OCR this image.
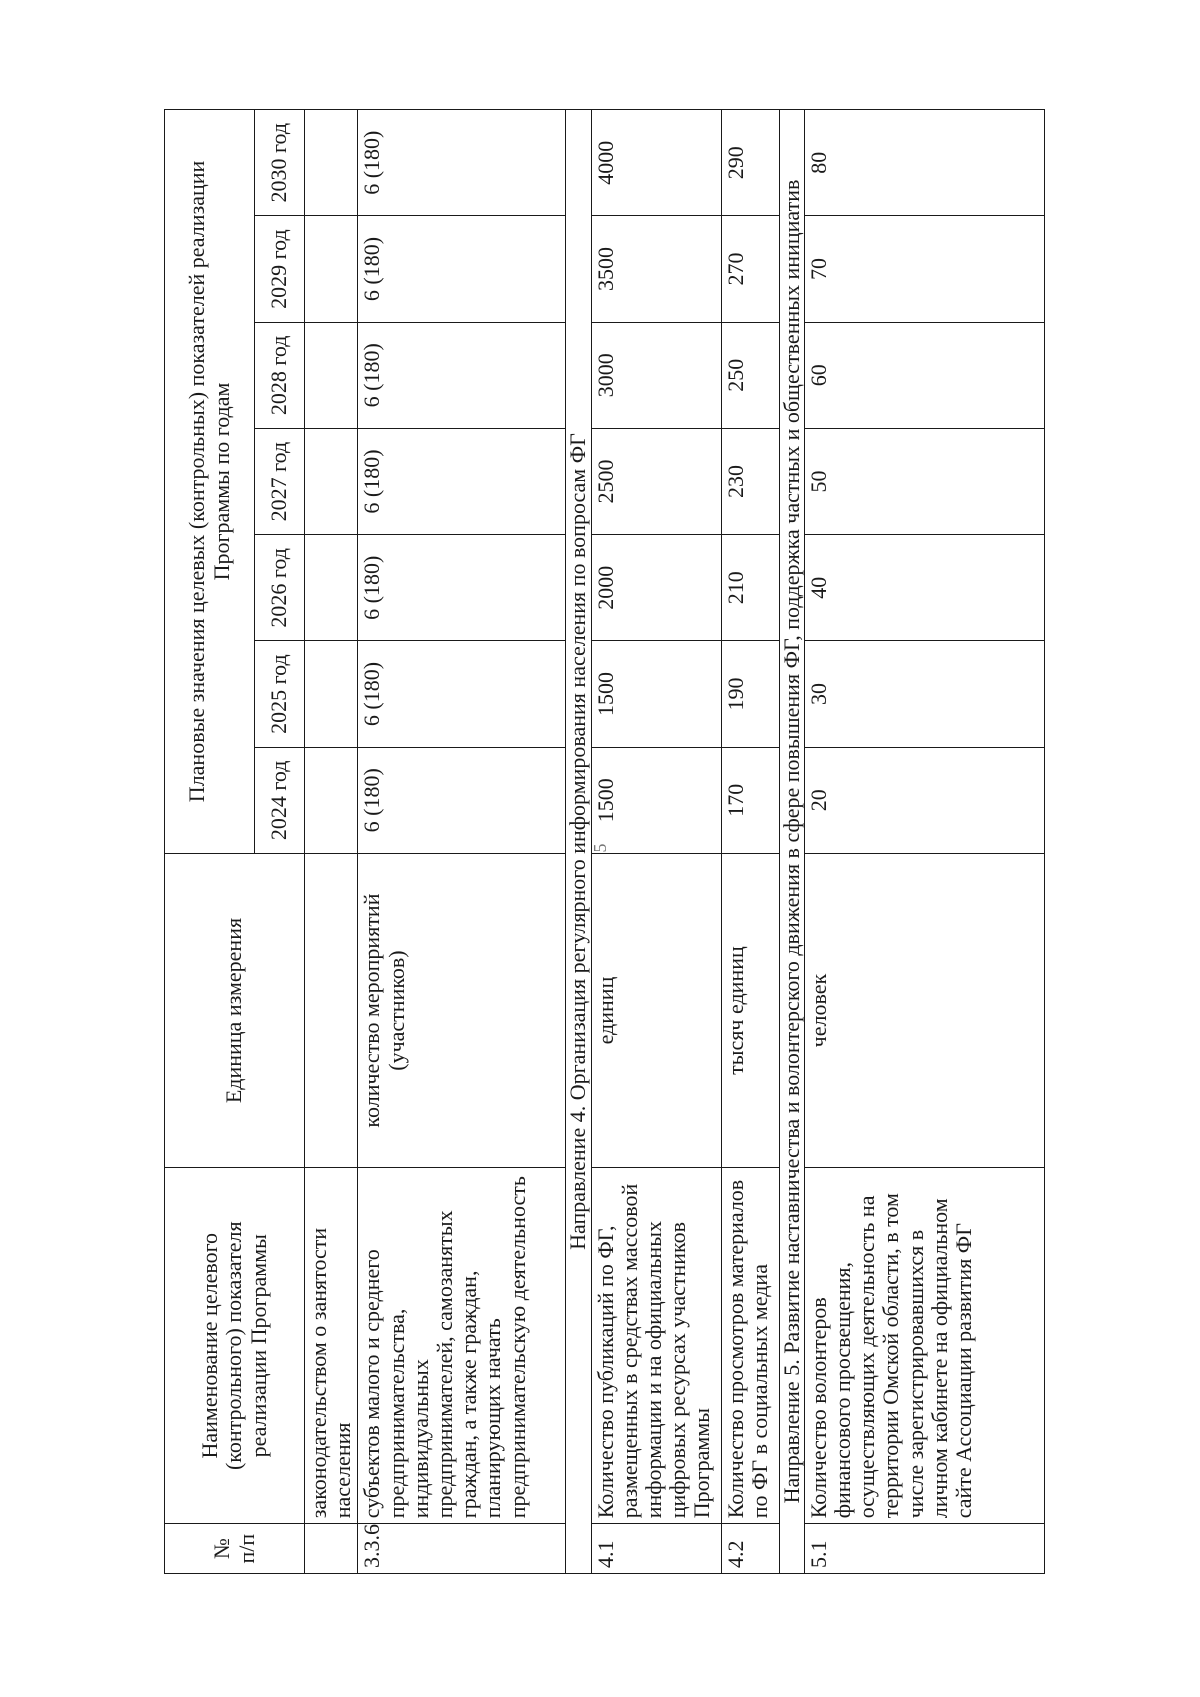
5
№ п/п	Наименование целевого (контрольного) показателя реализации Программы	Единица измерения	Плановые значения целевых (контрольных) показателей реализации Программы по годам						
			2024 год	2025 год	2026 год	2027 год	2028 год	2029 год	2030 год
	законодательством о занятости населения								
3.3.6	субъектов малого и среднего предпринимательства, индивидуальных предпринимателей, самозанятых граждан, а также граждан, планирующих начать предпринимательскую деятельность	количество мероприятий (участников)	6 (180)	6 (180)	6 (180)	6 (180)	6 (180)	6 (180)	6 (180)
Направление 4. Организация регулярного информирования населения по вопросам ФГ									
4.1	Количество публикаций по ФГ, размещенных в средствах массовой информации и на официальных цифровых ресурсах участников Программы	единиц	1500	1500	2000	2500	3000	3500	4000
4.2	Количество просмотров материалов по ФГ в социальных медиа	тысяч единиц	170	190	210	230	250	270	290
Направление 5. Развитие наставничества и волонтерского движения в сфере повышения ФГ, поддержка частных и общественных инициатив									
5.1	Количество волонтеров финансового просвещения, осуществляющих деятельность на территории Омской области, в том числе зарегистрировавшихся в личном кабинете на официальном сайте Ассоциации развития ФГ	человек	20	30	40	50	60	70	80
